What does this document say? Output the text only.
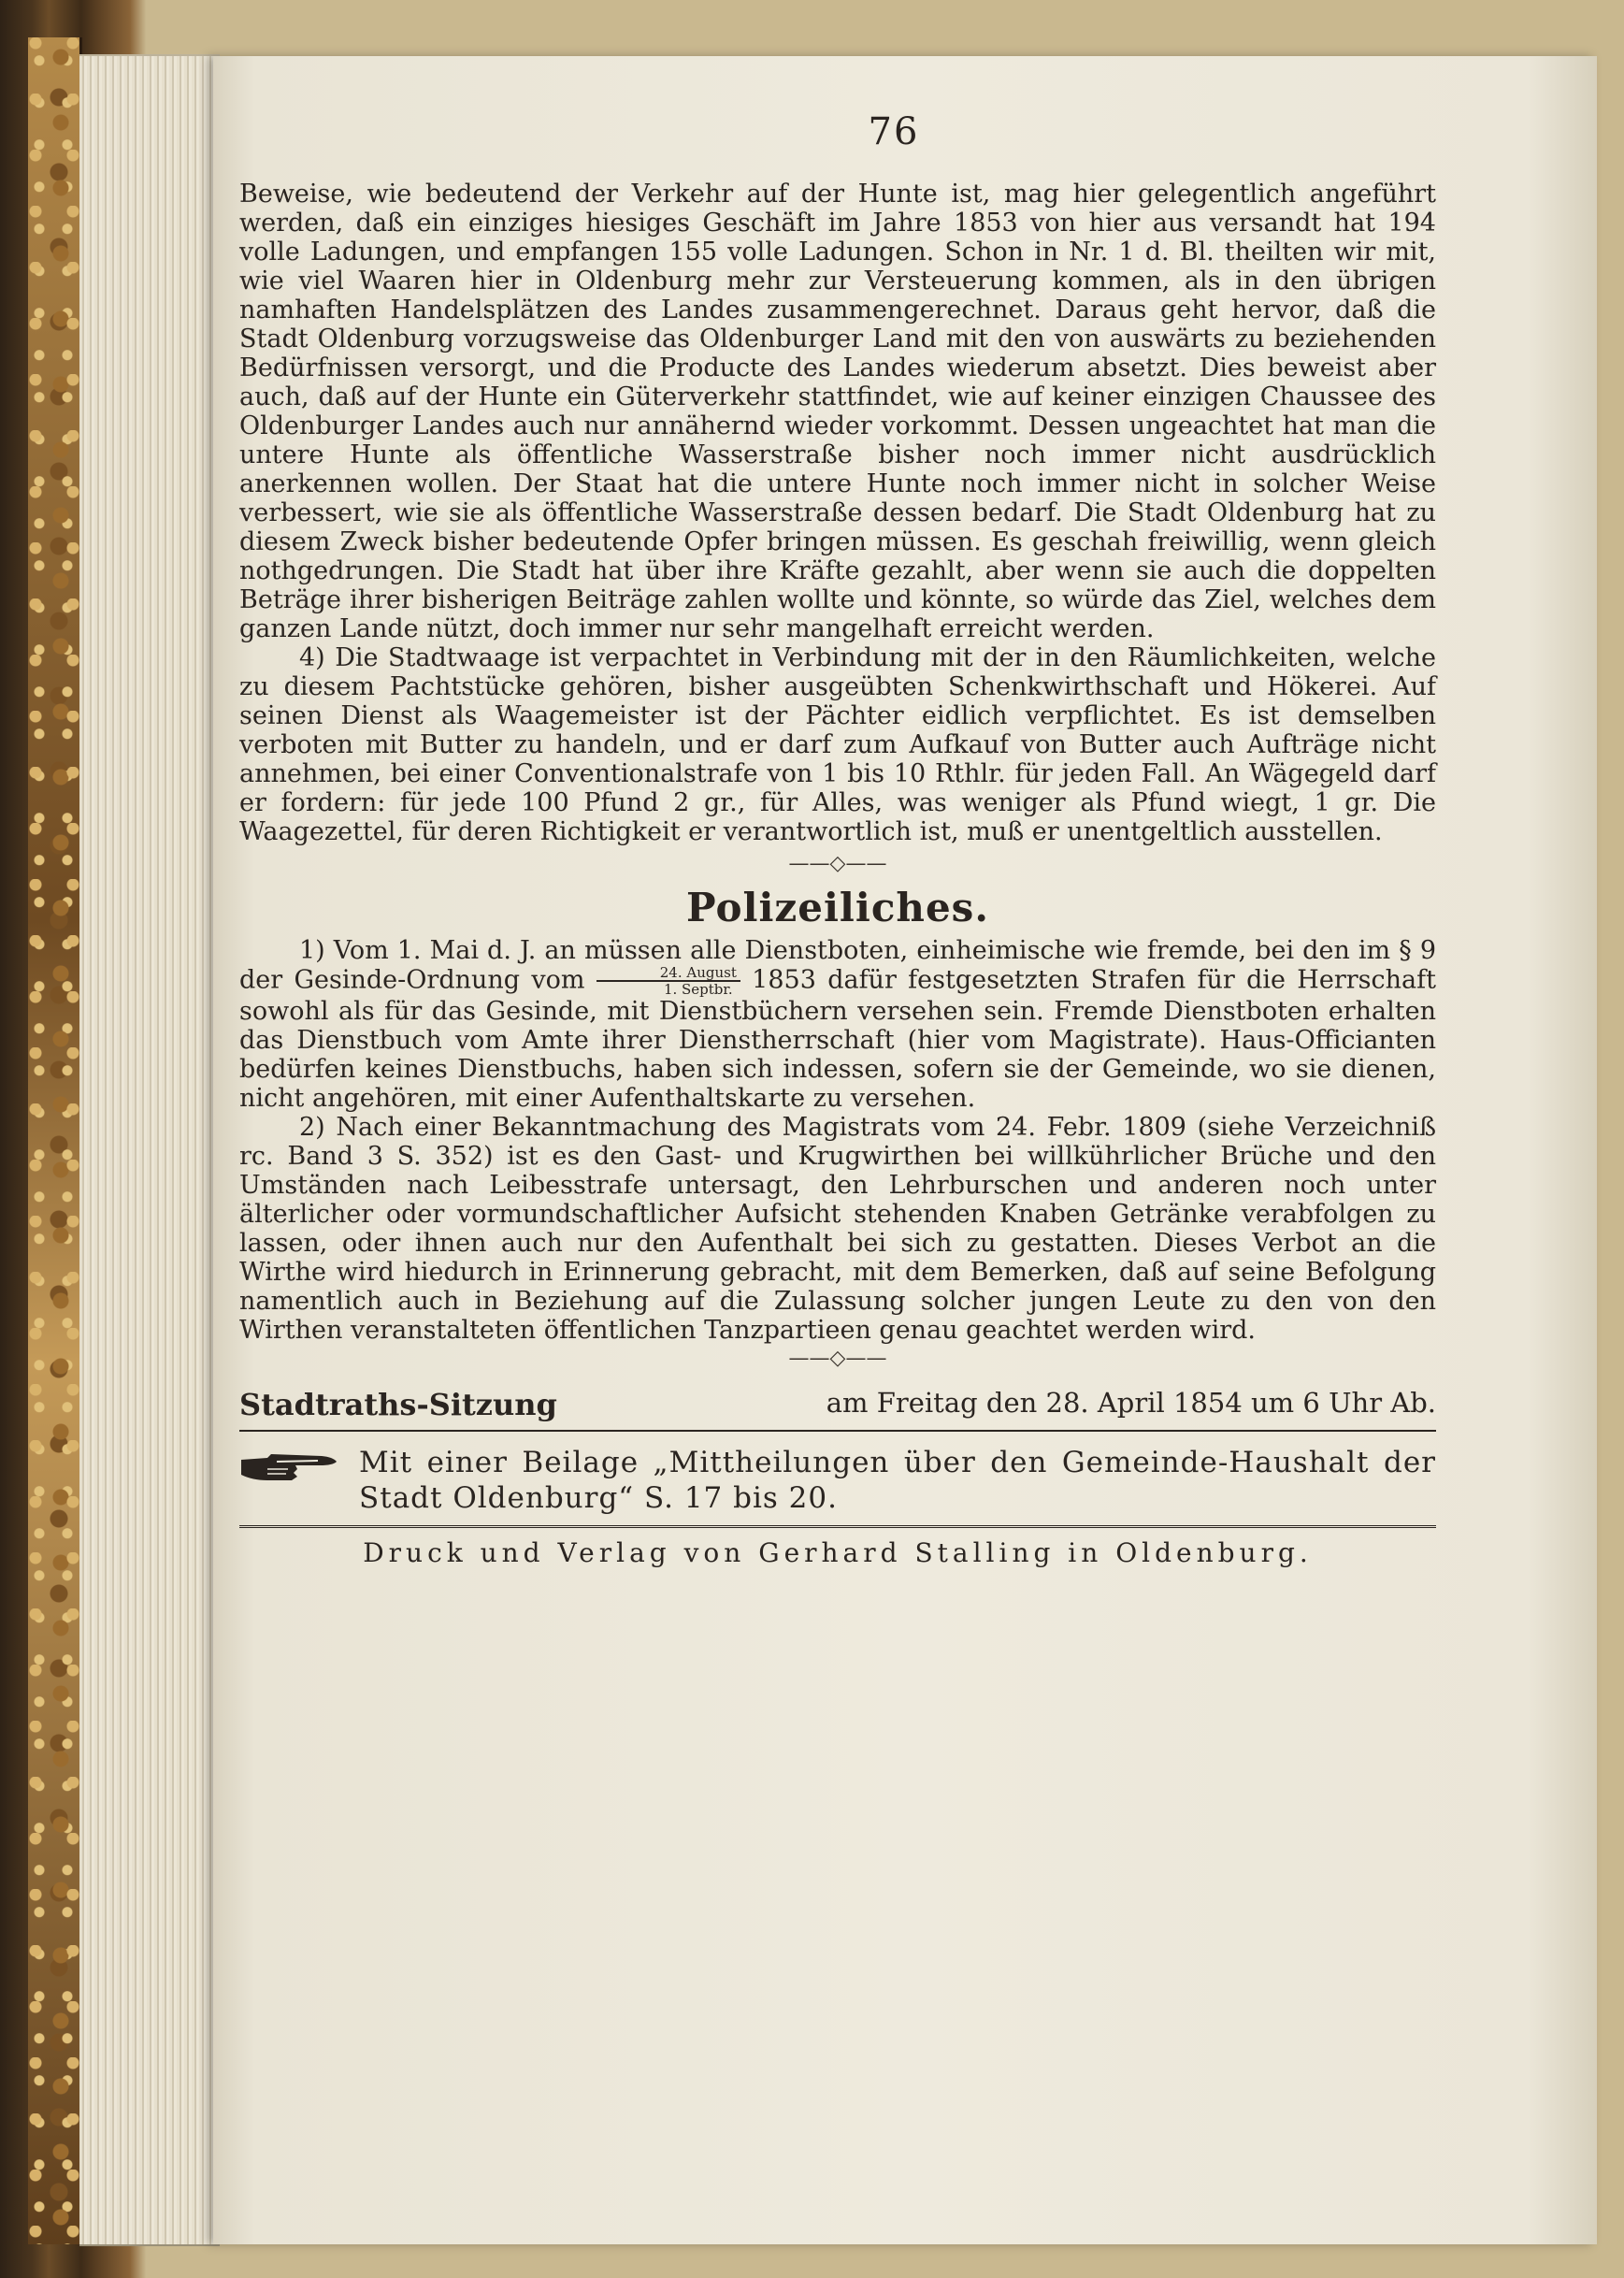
76

Beweise, wie bedeutend der Verkehr auf der Hunte ist, mag hier gelegentlich angeführt werden, daß ein einziges hiesiges Geschäft im Jahre 1853 von hier aus versandt hat 194 volle Ladungen, und empfangen 155 volle Ladungen. Schon in Nr. 1 d. Bl. theilten wir mit, wie viel Waaren hier in Oldenburg mehr zur Versteuerung kommen, als in den übrigen namhaften Handelsplätzen des Landes zusammengerechnet. Daraus geht hervor, daß die Stadt Oldenburg vorzugsweise das Oldenburger Land mit den von auswärts zu beziehenden Bedürfnissen versorgt, und die Producte des Landes wiederum absetzt. Dies beweist aber auch, daß auf der Hunte ein Güterverkehr stattfindet, wie auf keiner einzigen Chaussee des Oldenburger Landes auch nur annähernd wieder vorkommt. Dessen ungeachtet hat man die untere Hunte als öffentliche Wasserstraße bisher noch immer nicht ausdrücklich anerkennen wollen. Der Staat hat die untere Hunte noch immer nicht in solcher Weise verbessert, wie sie als öffentliche Wasserstraße dessen bedarf. Die Stadt Oldenburg hat zu diesem Zweck bisher bedeutende Opfer bringen müssen. Es geschah freiwillig, wenn gleich nothgedrungen. Die Stadt hat über ihre Kräfte gezahlt, aber wenn sie auch die doppelten Beträge ihrer bisherigen Beiträge zahlen wollte und könnte, so würde das Ziel, welches dem ganzen Lande nützt, doch immer nur sehr mangelhaft erreicht werden.

4) Die Stadtwaage ist verpachtet in Verbindung mit der in den Räumlichkeiten, welche zu diesem Pachtstücke gehören, bisher ausgeübten Schenkwirthschaft und Hökerei. Auf seinen Dienst als Waagemeister ist der Pächter eidlich verpflichtet. Es ist demselben verboten mit Butter zu handeln, und er darf zum Aufkauf von Butter auch Aufträge nicht annehmen, bei einer Conventionalstrafe von 1 bis 10 Rthlr. für jeden Fall. An Wägegeld darf er fordern: für jede 100 Pfund 2 gr., für Alles, was weniger als Pfund wiegt, 1 gr. Die Waagezettel, für deren Richtigkeit er verantwortlich ist, muß er unentgeltlich ausstellen.

——◇——
Polizeiliches.

1) Vom 1. Mai d. J. an müssen alle Dienstboten, einheimische wie fremde, bei den im § 9 der Gesinde-Ordnung vom $\frac{\text{24. August}}{\text{1. Septbr.}} 1853$ dafür festgesetzten Strafen für die Herrschaft sowohl als für das Gesinde, mit Dienstbüchern versehen sein. Fremde Dienstboten erhalten das Dienstbuch vom Amte ihrer Dienstherrschaft (hier vom Magistrate). Haus-Officianten bedürfen keines Dienstbuchs, haben sich indessen, sofern sie der Gemeinde, wo sie dienen, nicht angehören, mit einer Aufenthaltskarte zu versehen.

2) Nach einer Bekanntmachung des Magistrats vom 24. Febr. 1809 (siehe Verzeichniß rc. Band 3 S. 352) ist es den Gast- und Krugwirthen bei willkührlicher Brüche und den Umständen nach Leibesstrafe untersagt, den Lehrburschen und anderen noch unter älterlicher oder vormundschaftlicher Aufsicht stehenden Knaben Getränke verabfolgen zu lassen, oder ihnen auch nur den Aufenthalt bei sich zu gestatten. Dieses Verbot an die Wirthe wird hiedurch in Erinnerung gebracht, mit dem Bemerken, daß auf seine Befolgung namentlich auch in Beziehung auf die Zulassung solcher jungen Leute zu den von den Wirthen veranstalteten öffentlichen Tanzpartieen genau geachtet werden wird.

——◇——
Stadtraths-Sitzung	am Freitag den 28. April 1854 um 6 Uhr Ab.
Mit einer Beilage „Mittheilungen über den Gemeinde-Haushalt der Stadt Oldenburg“ S. 17 bis 20.
Druck und Verlag von Gerhard Stalling in Oldenburg.
